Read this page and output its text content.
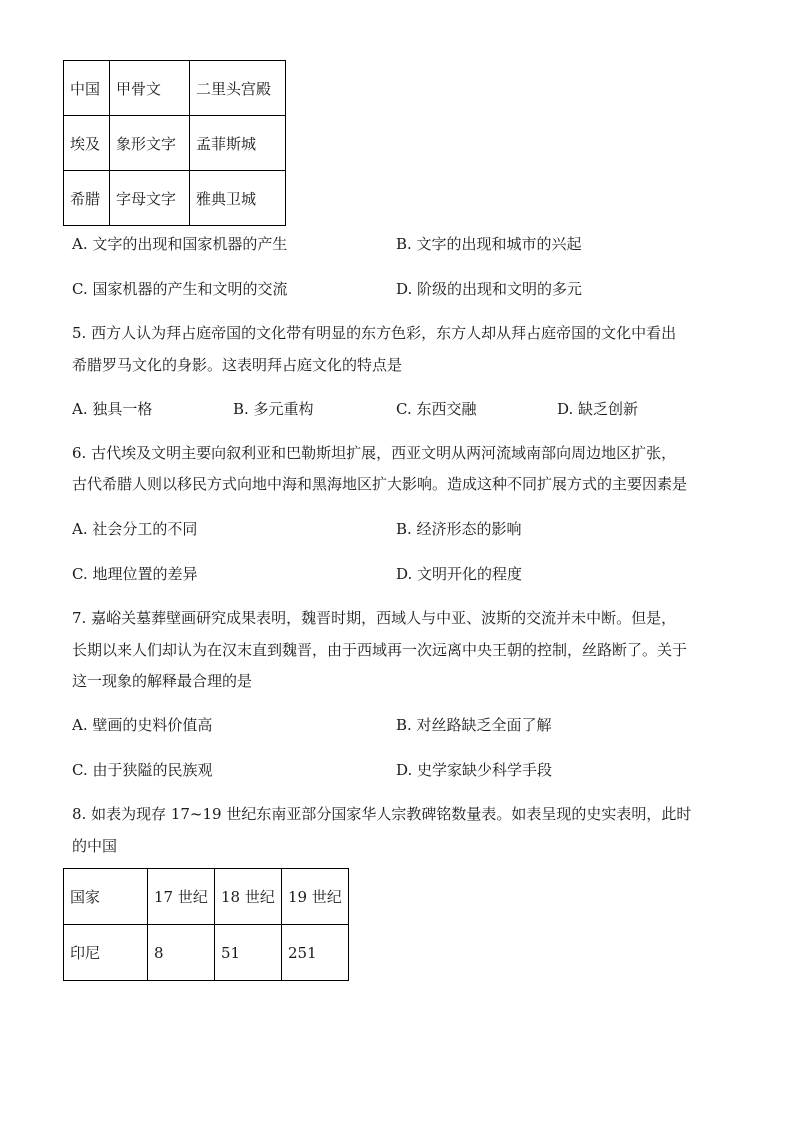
中国	甲骨文	二里头宫殿
埃及	象形文字	孟菲斯城
希腊	字母文字	雅典卫城
A. 文字的出现和国家机器的产生	B. 文字的出现和城市的兴起
C. 国家机器的产生和文明的交流	D. 阶级的出现和文明的多元
5. 西方人认为拜占庭帝国的文化带有明显的东方色彩，东方人却从拜占庭帝国的文化中看出
希腊罗马文化的身影。这表明拜占庭文化的特点是
A. 独具一格	B. 多元重构	C. 东西交融	D. 缺乏创新
6. 古代埃及文明主要向叙利亚和巴勒斯坦扩展，西亚文明从两河流域南部向周边地区扩张，
古代希腊人则以移民方式向地中海和黑海地区扩大影响。造成这种不同扩展方式的主要因素是
A. 社会分工的不同	B. 经济形态的影响
C. 地理位置的差异	D. 文明开化的程度
7. 嘉峪关墓葬壁画研究成果表明，魏晋时期，西域人与中亚、波斯的交流并未中断。但是，
长期以来人们却认为在汉末直到魏晋，由于西域再一次远离中央王朝的控制，丝路断了。关于
这一现象的解释最合理的是
A. 壁画的史料价值高	B. 对丝路缺乏全面了解
C. 由于狭隘的民族观	D. 史学家缺少科学手段
8. 如表为现存 17~19 世纪东南亚部分国家华人宗教碑铭数量表。如表呈现的史实表明，此时
的中国
国家	17 世纪	18 世纪	19 世纪
印尼	8	51	251
